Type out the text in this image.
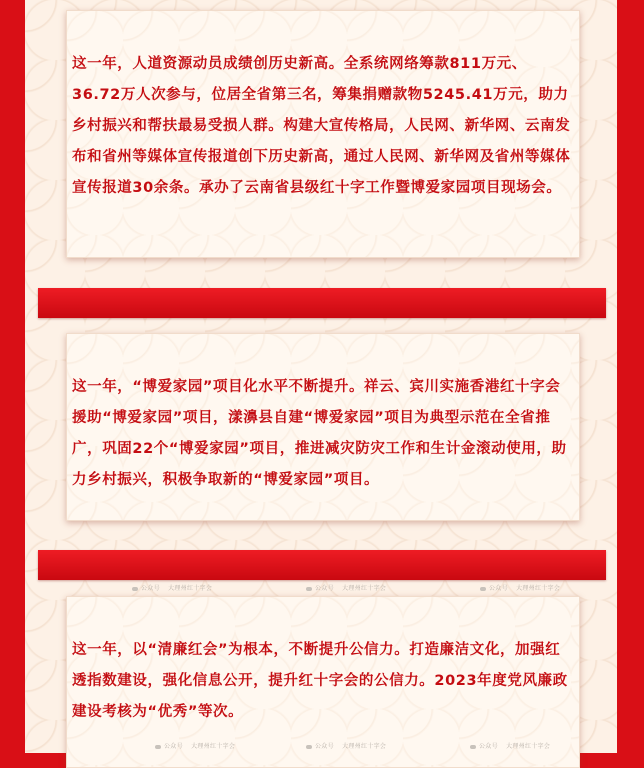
这一年，人道资源动员成绩创历史新高。全系统网络筹款811万元、36.72万人次参与，位居全省第三名，筹集捐赠款物5245.41万元，助力乡村振兴和帮扶最易受损人群。构建大宣传格局，人民网、新华网、云南发布和省州等媒体宣传报道创下历史新高，通过人民网、新华网及省州等媒体宣传报道30余条。承办了云南省县级红十字工作暨博爱家园项目现场会。

这一年，“博爱家园”项目化水平不断提升。祥云、宾川实施香港红十字会援助“博爱家园”项目，漾濞县自建“博爱家园”项目为典型示范在全省推广，巩固22个“博爱家园”项目，推进减灾防灾工作和生计金滚动使用，助力乡村振兴，积极争取新的“博爱家园”项目。

公众号 大理州红十字会	公众号 大理州红十字会	公众号 大理州红十字会

这一年，以“清廉红会”为根本，不断提升公信力。打造廉洁文化，加强红透指数建设，强化信息公开，提升红十字会的公信力。2023年度党风廉政建设考核为“优秀”等次。

公众号 大理州红十字会	公众号 大理州红十字会	公众号 大理州红十字会
